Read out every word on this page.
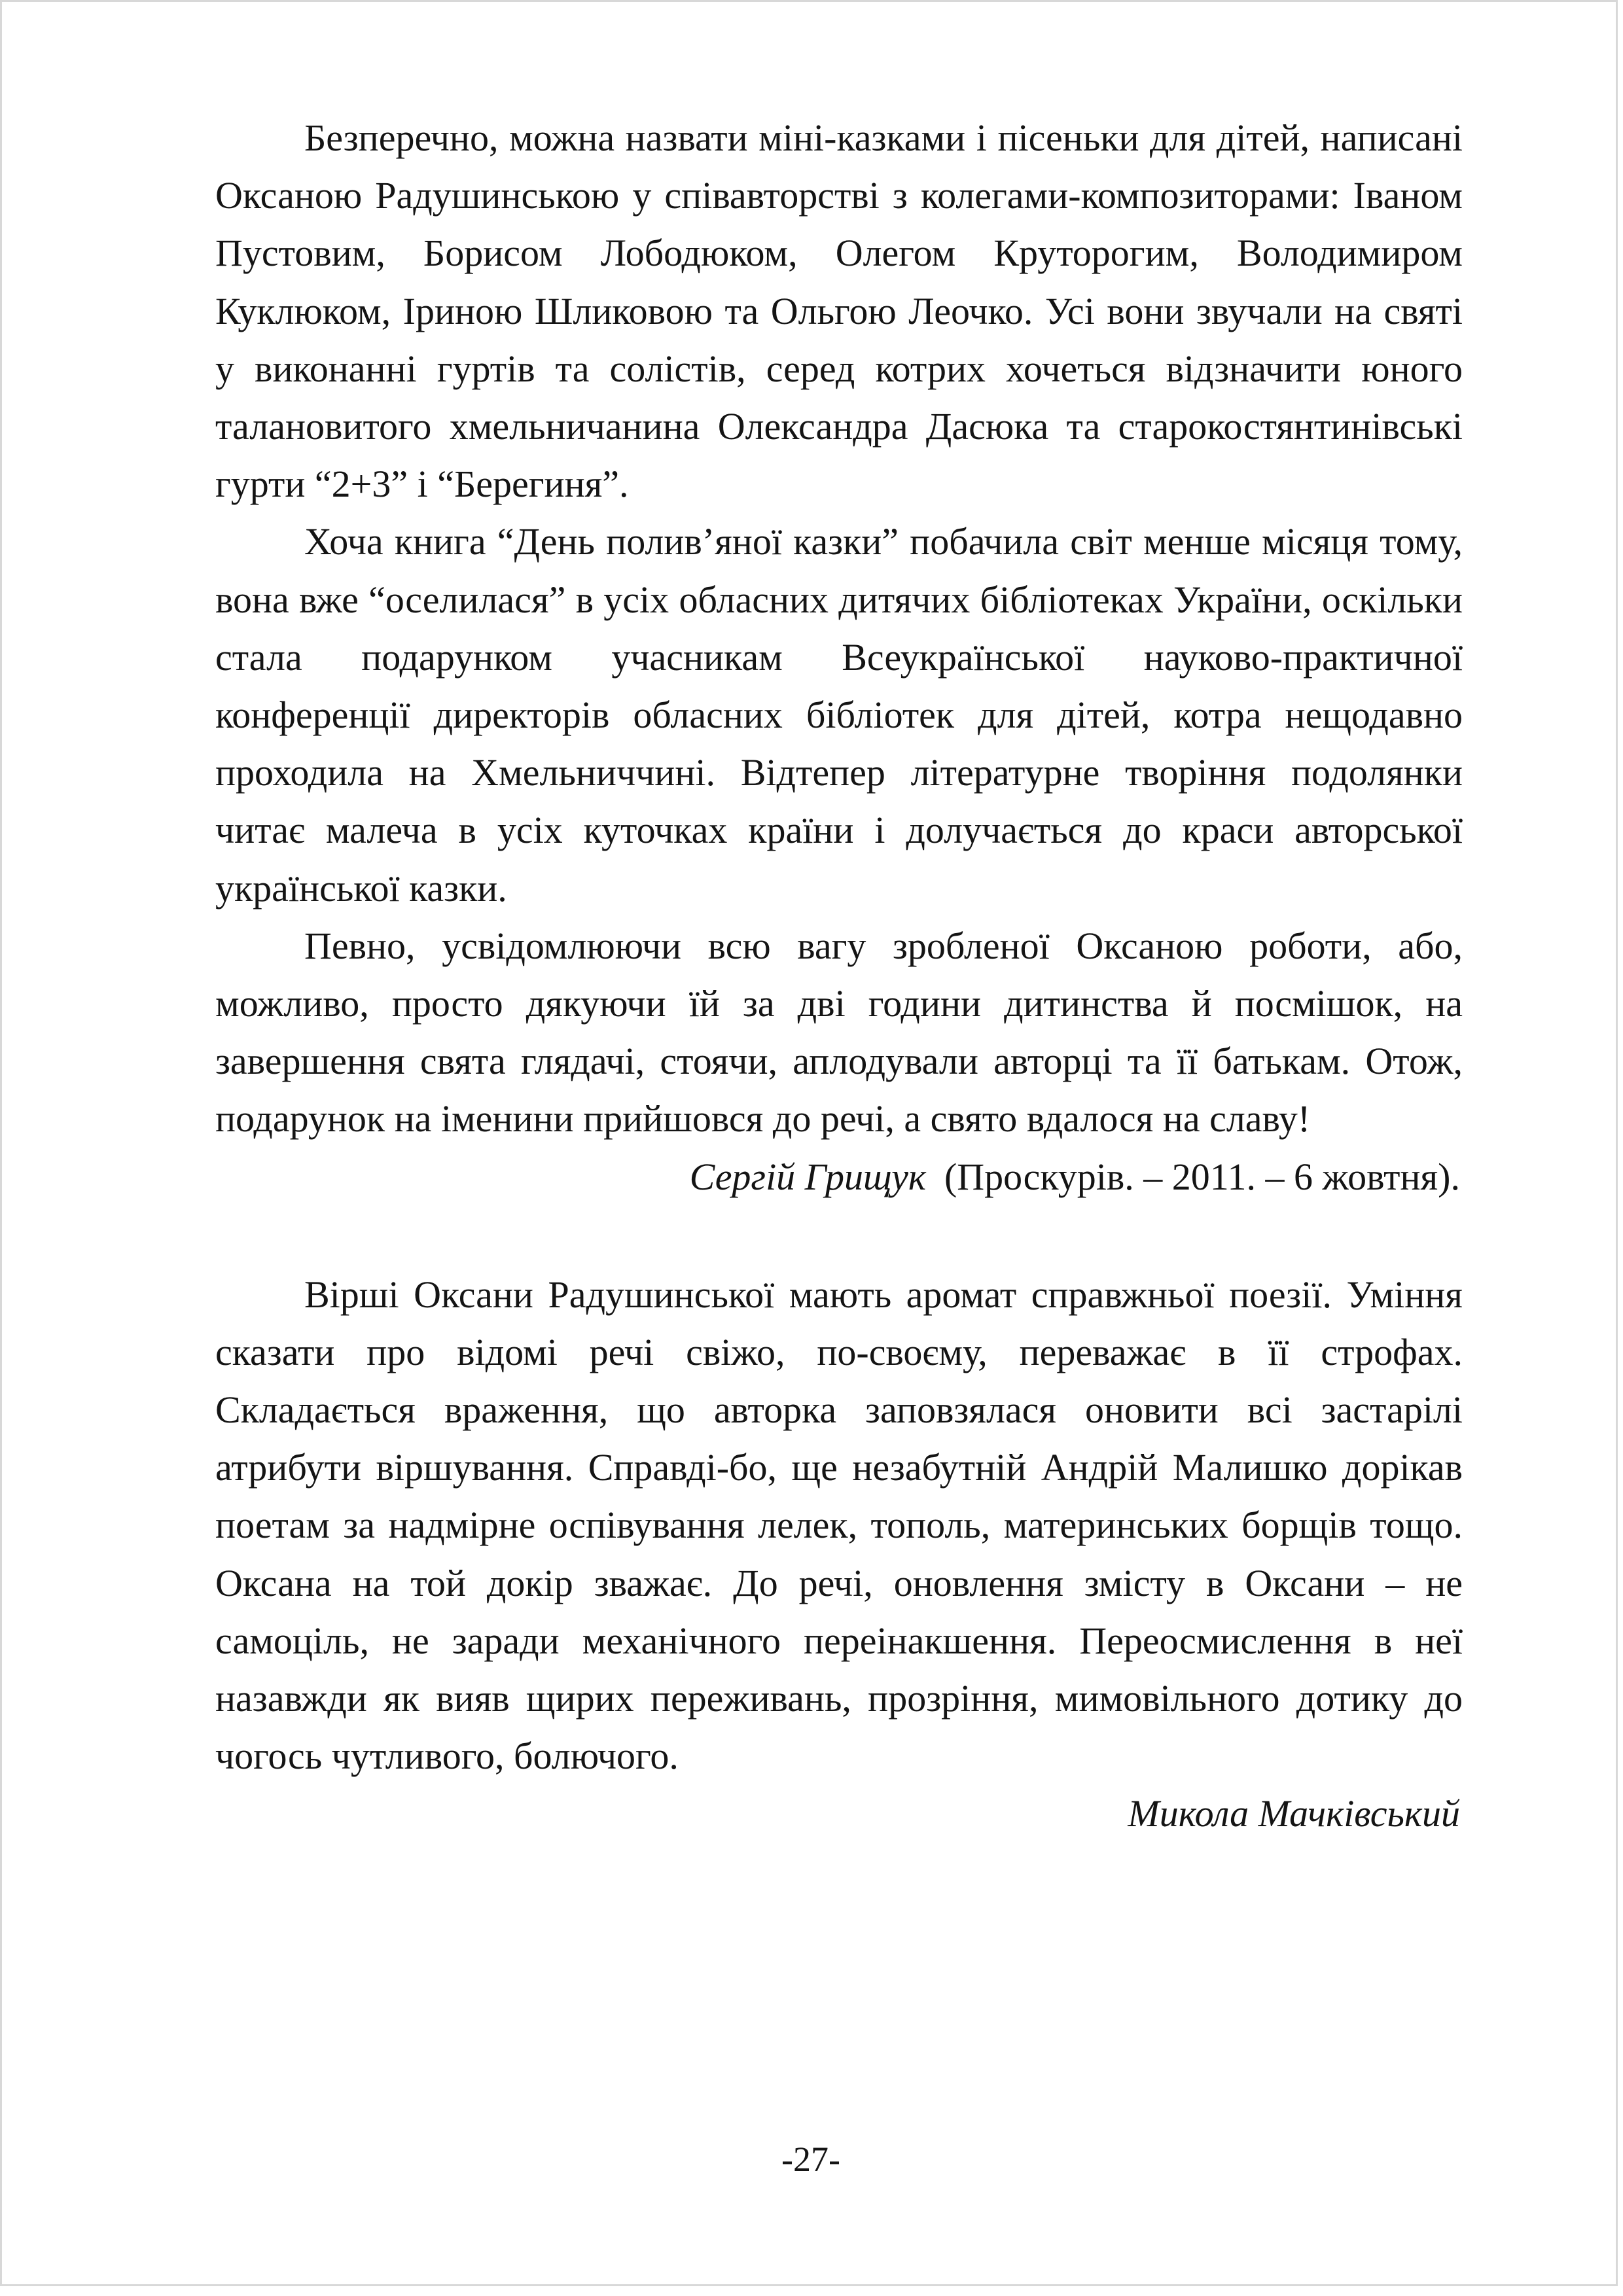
Безперечно, можна назвати міні-казками і пісеньки для дітей, написані Оксаною Радушинською у співавторстві з колегами-композиторами: Іваном Пустовим, Борисом Лободюком, Олегом Круторогим, Володимиром Куклюком, Іриною Шликовою та Ольгою Леочко. Усі вони звучали на святі у виконанні гуртів та солістів, серед котрих хочеться відзначити юного талановитого хмельничанина Олександра Дасюка та старокостянтинівські гурти “2+3” і “Берегиня”.

Хоча книга “День полив’яної казки” побачила світ менше місяця тому, вона вже “оселилася” в усіх обласних дитячих бібліотеках України, оскільки стала подарунком учасникам Всеукраїнської науково-практичної конференції директорів обласних бібліотек для дітей, котра нещодавно проходила на Хмельниччині. Відтепер літературне творіння подолянки читає малеча в усіх куточках країни і долучається до краси авторської української казки.

Певно, усвідомлюючи всю вагу зробленої Оксаною роботи, або, можливо, просто дякуючи їй за дві години дитинства й посмішок, на завершення свята глядачі, стоячи, аплодували авторці та її батькам. Отож, подарунок на іменини прийшовся до речі, а свято вдалося на славу!

Сергій Грищук (Проскурів. – 2011. – 6 жовтня).

Вірші Оксани Радушинської мають аромат справжньої поезії. Уміння сказати про відомі речі свіжо, по-своєму, переважає в її строфах. Складається враження, що авторка заповзялася оновити всі застарілі атрибути віршування. Справді-бо, ще незабутній Андрій Малишко дорікав поетам за надмірне оспівування лелек, тополь, материнських борщів тощо. Оксана на той докір зважає. До речі, оновлення змісту в Оксани – не самоціль, не заради механічного переінакшення. Переосмислення в неї назавжди як вияв щирих переживань, прозріння, мимовільного дотику до чогось чутливого, болючого.

Микола Мачківський

-27-
